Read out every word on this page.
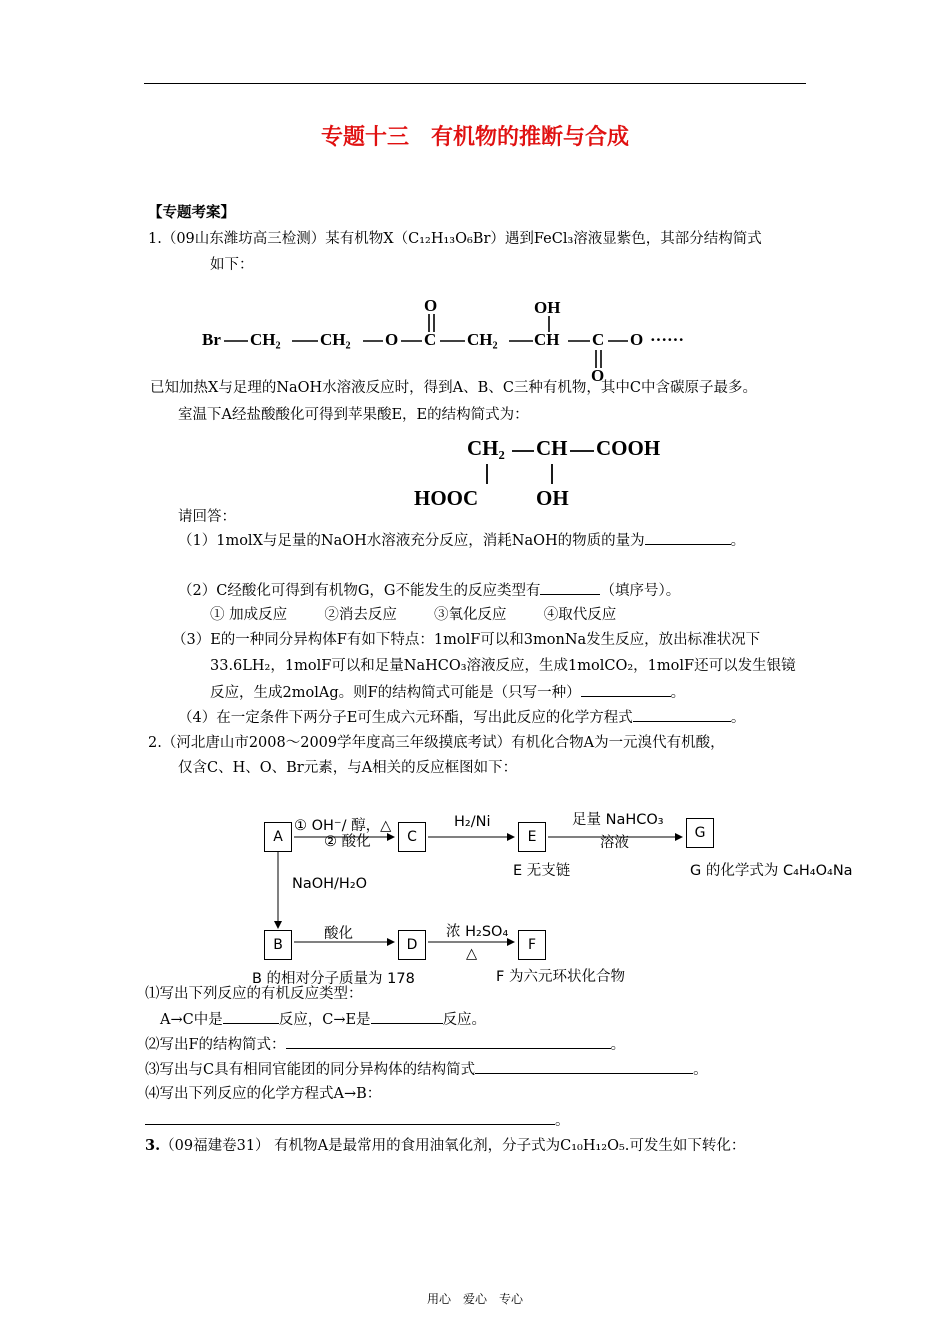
专题十三　有机物的推断与合成
【专题考案】
1.（09山东潍坊高三检测）某有机物X（C₁₂H₁₃O₆Br）遇到FeCl₃溶液显紫色，其部分结构简式
如下：
Br CH₂ CH₂ O C
O
CH₂ CH
OH
C
O
O ······
已知加热X与足理的NaOH水溶液反应时，得到A、B、C三种有机物，其中C中含碳原子最多。
室温下A经盐酸酸化可得到苹果酸E，E的结构简式为：
CH₂ CH COOH
HOOC	OH
请回答：
（1）1molX与足量的NaOH水溶液充分反应，消耗NaOH的物质的量为	。
（2）C经酸化可得到有机物G，G不能发生的反应类型有	（填序号）。
① 加成反应	②消去反应	③氧化反应	④取代反应
（3）E的一种同分异构体F有如下特点：1molF可以和3monNa发生反应，放出标准状况下
33.6LH₂，1molF可以和足量NaHCO₃溶液反应，生成1molCO₂，1molF还可以发生银镜
反应，生成2molAg。则F的结构简式可能是（只写一种）	。
（4）在一定条件下两分子E可生成六元环酯，写出此反应的化学方程式	。
2.（河北唐山市2008～2009学年度高三年级摸底考试）有机化合物A为一元溴代有机酸，
仅含C、H、O、Br元素，与A相关的反应框图如下：
A	C	E	G
B	D	F
① OH⁻/ 醇，△
② 酸化
H₂/Ni	足量 NaHCO₃
溶液
E 无支链	G 的化学式为 C₄H₄O₄Na
NaOH/H₂O
酸化	浓 H₂SO₄
△
B 的相对分子质量为 178	F 为六元环状化合物
⑴写出下列反应的有机反应类型：
A→C中是	反应，C→E是	反应。
⑵写出F的结构简式：	。
⑶写出与C具有相同官能团的同分异构体的结构简式	。
⑷写出下列反应的化学方程式A→B：
。
3.（09福建卷31） 有机物A是最常用的食用油氧化剂，分子式为C₁₀H₁₂O₅.可发生如下转化：
用心　爱心　专心
